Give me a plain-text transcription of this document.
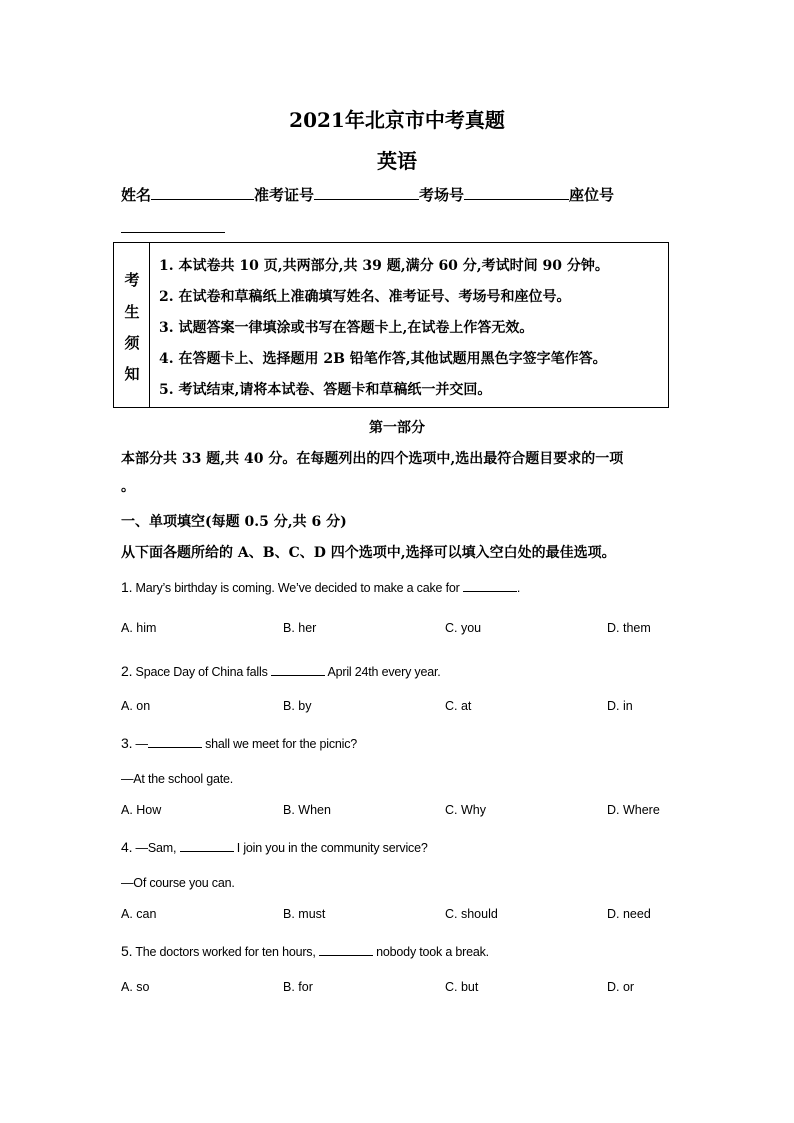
2021年北京市中考真题
英语
姓名	准考证号	考场号	座位号
考
生
须
知
1. 本试卷共 10 页,共两部分,共 39 题,满分 60 分,考试时间 90 分钟。
2. 在试卷和草稿纸上准确填写姓名、准考证号、考场号和座位号。
3. 试题答案一律填涂或书写在答题卡上,在试卷上作答无效。
4. 在答题卡上、选择题用 2B 铅笔作答,其他试题用黑色字签字笔作答。
5. 考试结束,请将本试卷、答题卡和草稿纸一并交回。
第一部分
本部分共 33 题,共 40 分。在每题列出的四个选项中,选出最符合题目要求的一项
。
一、单项填空(每题 0.5 分,共 6 分)
从下面各题所给的 A、B、C、D 四个选项中,选择可以填入空白处的最佳选项。
1. Mary’s birthday is coming. We’ve decided to make a cake for	.
A. him	B. her	C. you	D. them
2. Space Day of China falls	April 24th every year.
A. on	B. by	C. at	D. in
3. —	shall we meet for the picnic?
—At the school gate.
A. How	B. When	C. Why	D. Where
4. —Sam,	I join you in the community service?
—Of course you can.
A. can	B. must	C. should	D. need
5. The doctors worked for ten hours,	nobody took a break.
A. so	B. for	C. but	D. or
